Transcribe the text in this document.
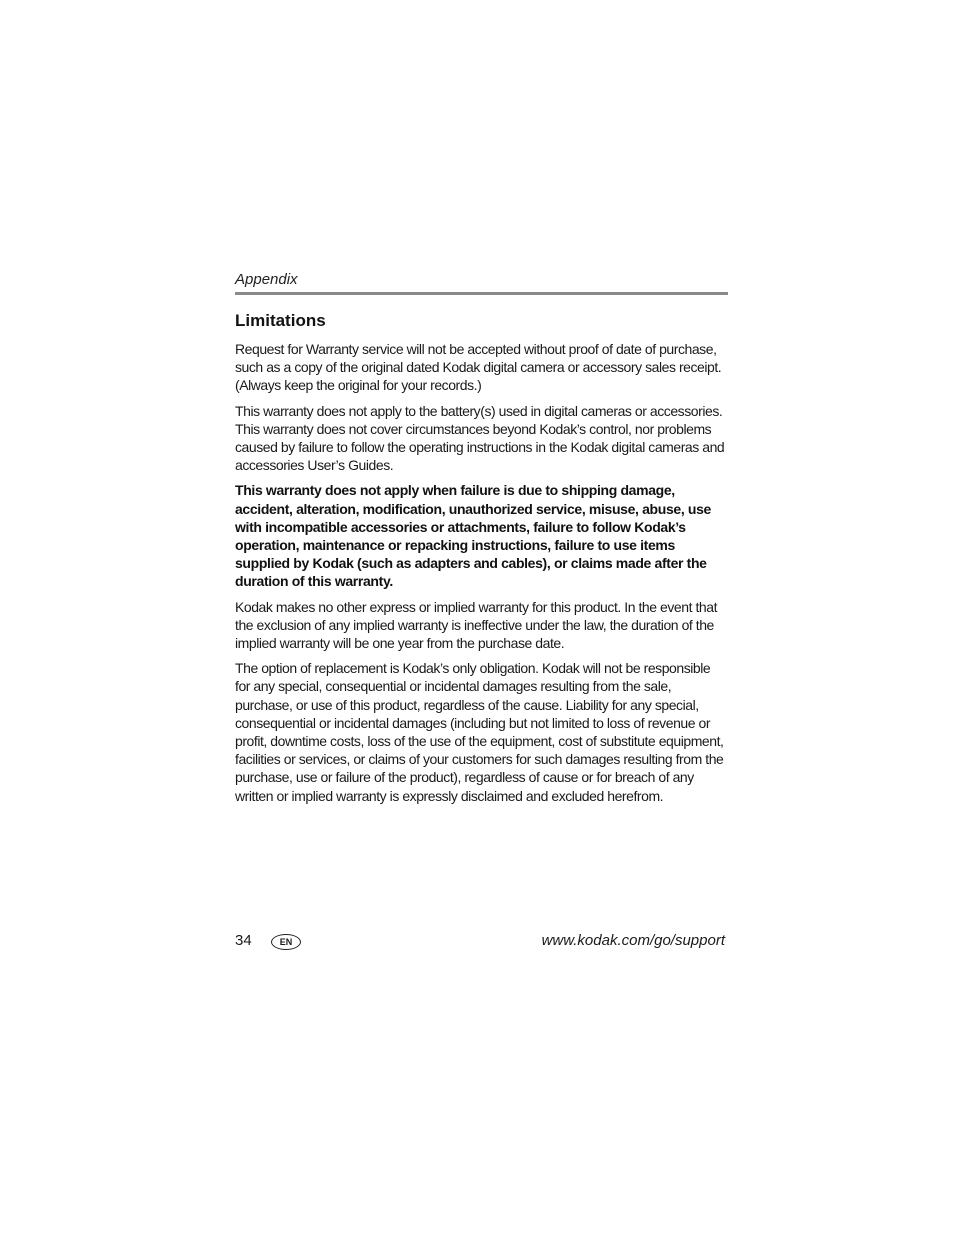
Appendix
Limitations

Request for Warranty service will not be accepted without proof of date of purchase, such as a copy of the original dated Kodak digital camera or accessory sales receipt. (Always keep the original for your records.)

This warranty does not apply to the battery(s) used in digital cameras or accessories. This warranty does not cover circumstances beyond Kodak’s control, nor problems caused by failure to follow the operating instructions in the Kodak digital cameras and accessories User’s Guides.

This warranty does not apply when failure is due to shipping damage, accident, alteration, modification, unauthorized service, misuse, abuse, use with incompatible accessories or attachments, failure to follow Kodak’s operation, maintenance or repacking instructions, failure to use items supplied by Kodak (such as adapters and cables), or claims made after the duration of this warranty.

Kodak makes no other express or implied warranty for this product. In the event that the exclusion of any implied warranty is ineffective under the law, the duration of the implied warranty will be one year from the purchase date.

The option of replacement is Kodak’s only obligation. Kodak will not be responsible for any special, consequential or incidental damages resulting from the sale, purchase, or use of this product, regardless of the cause. Liability for any special, consequential or incidental damages (including but not limited to loss of revenue or profit, downtime costs, loss of the use of the equipment, cost of substitute equipment, facilities or services, or claims of your customers for such damages resulting from the purchase, use or failure of the product), regardless of cause or for breach of any written or implied warranty is expressly disclaimed and excluded herefrom.

34	EN	www.kodak.com/go/support
